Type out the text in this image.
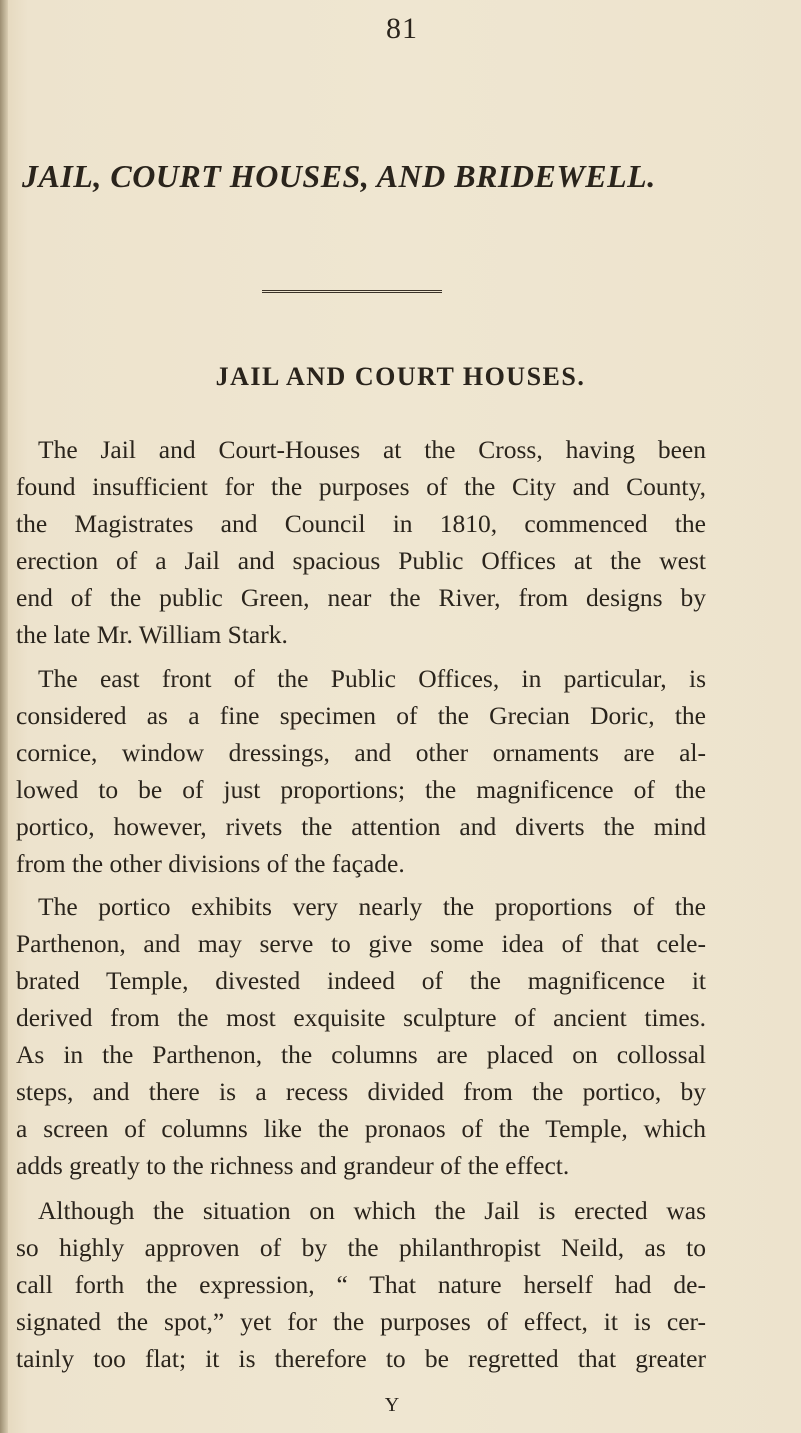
81
JAIL, COURT HOUSES, AND BRIDEWELL.
JAIL AND COURT HOUSES.
The Jail and Court-Houses at the Cross, having been
found insufficient for the purposes of the City and County,
the Magistrates and Council in 1810, commenced the
erection of a Jail and spacious Public Offices at the west
end of the public Green, near the River, from designs by
the late Mr. William Stark.
The east front of the Public Offices, in particular, is
considered as a fine specimen of the Grecian Doric, the
cornice, window dressings, and other ornaments are al-
lowed to be of just proportions; the magnificence of the
portico, however, rivets the attention and diverts the mind
from the other divisions of the façade.
The portico exhibits very nearly the proportions of the
Parthenon, and may serve to give some idea of that cele-
brated Temple, divested indeed of the magnificence it
derived from the most exquisite sculpture of ancient times.
As in the Parthenon, the columns are placed on collossal
steps, and there is a recess divided from the portico, by
a screen of columns like the pronaos of the Temple, which
adds greatly to the richness and grandeur of the effect.
Although the situation on which the Jail is erected was
so highly approven of by the philanthropist Neild, as to
call forth the expression, “ That nature herself had de-
signated the spot,” yet for the purposes of effect, it is cer-
tainly too flat; it is therefore to be regretted that greater
Y
